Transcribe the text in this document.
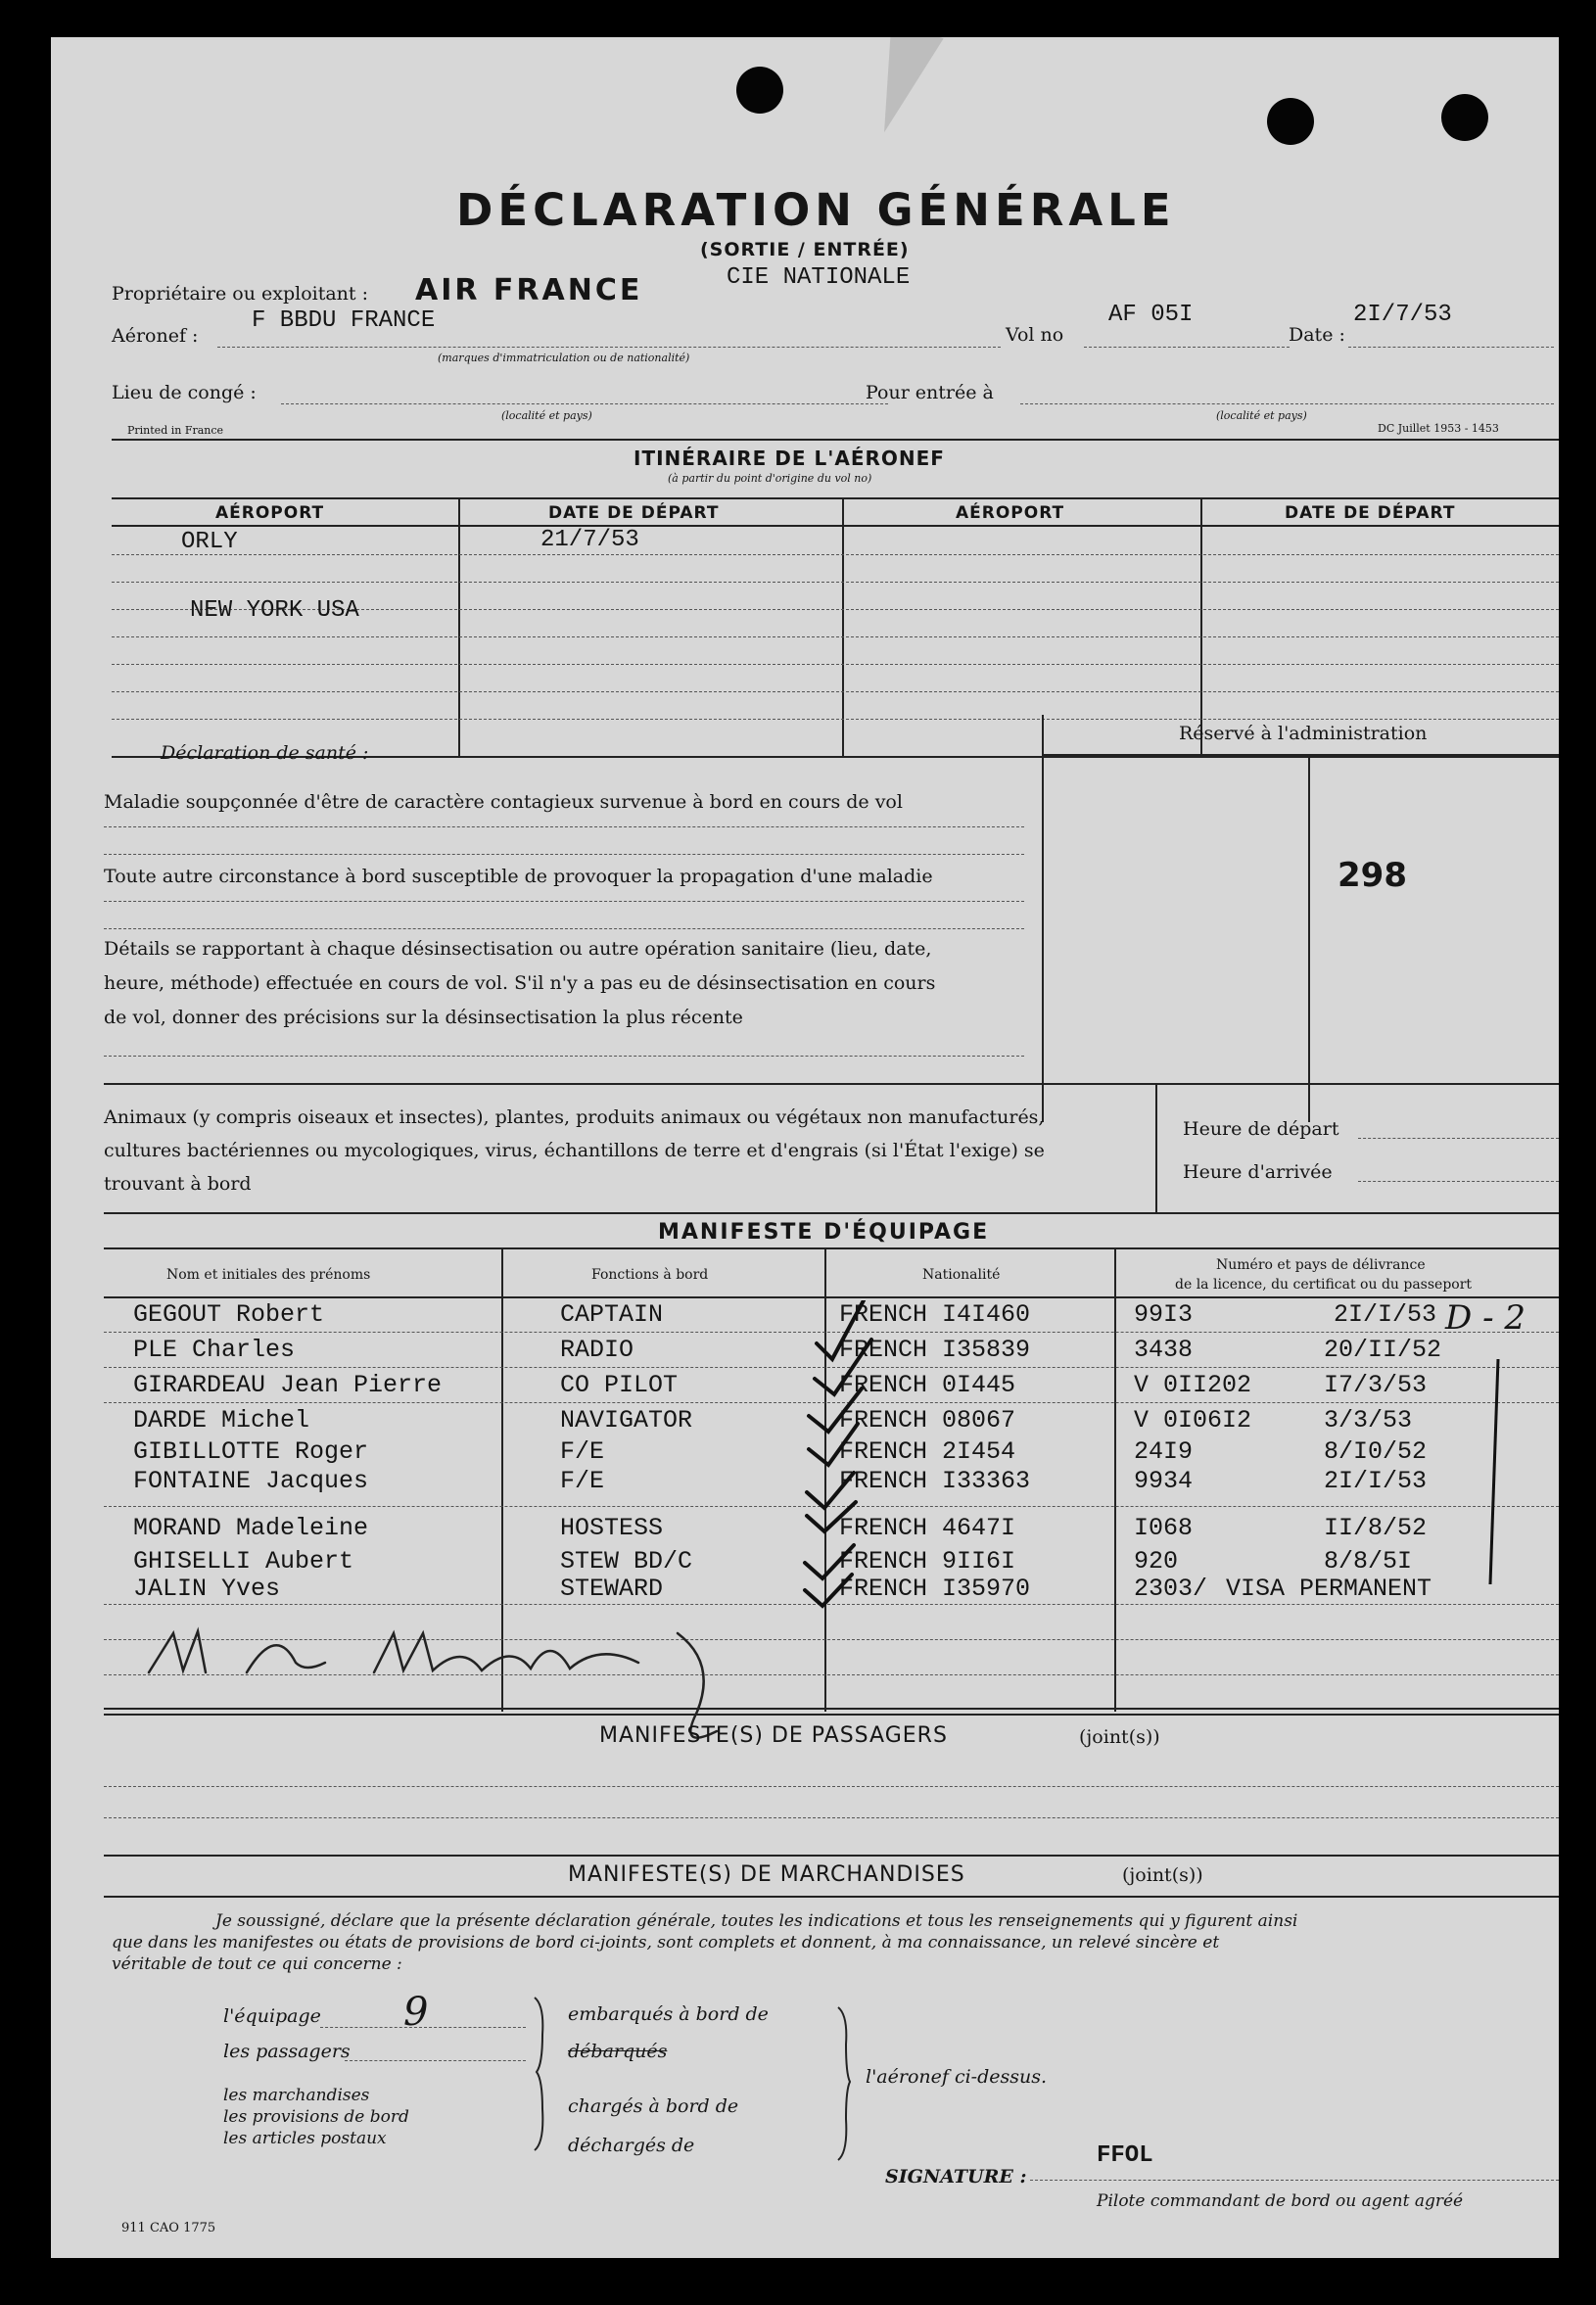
DÉCLARATION GÉNÉRALE
(SORTIE / ENTRÉE)
Propriétaire ou exploitant : AIR FRANCE	CIE NATIONALE
Aéronef :
F BBDU FRANCE
(marques d'immatriculation ou de nationalité)
Vol no
AF 05I
Date :
2I/7/53
Lieu de congé :
(localité et pays)
Pour entrée à
(localité et pays)
Printed in France	DC Juillet 1953 - 1453
ITINÉRAIRE DE L'AÉRONEF
(à partir du point d'origine du vol no)
AÉROPORT	DATE DE DÉPART	AÉROPORT	DATE DE DÉPART
ORLY	21/7/53
NEW YORK USA
Réservé à l'administration
298
Déclaration de santé :
Maladie soupçonnée d'être de caractère contagieux survenue à bord en cours de vol
Toute autre circonstance à bord susceptible de provoquer la propagation d'une maladie
Détails se rapportant à chaque désinsectisation ou autre opération sanitaire (lieu, date,
heure, méthode) effectuée en cours de vol. S'il n'y a pas eu de désinsectisation en cours
de vol, donner des précisions sur la désinsectisation la plus récente
Animaux (y compris oiseaux et insectes), plantes, produits animaux ou végétaux non manufacturés,
cultures bactériennes ou mycologiques, virus, échantillons de terre et d'engrais (si l'État l'exige) se
trouvant à bord
Heure de départ
Heure d'arrivée
MANIFESTE D'ÉQUIPAGE
Nom et initiales des prénoms	Fonctions à bord	Nationalité
Numéro et pays de délivrance
de la licence, du certificat ou du passeport
GEGOUT Robert	CAPTAIN	FRENCH I4I460	99I3	2I/I/53
PLE Charles	RADIO	FRENCH I35839	3438	20/II/52
GIRARDEAU Jean Pierre	CO PILOT	FRENCH 0I445	V 0II202	I7/3/53
DARDE Michel	NAVIGATOR	FRENCH 08067	V 0I06I2	3/3/53
GIBILLOTTE Roger	F/E	FRENCH 2I454	24I9	8/I0/52
FONTAINE Jacques	F/E	FRENCH I33363	9934	2I/I/53
MORAND Madeleine	HOSTESS	FRENCH 4647I	I068	II/8/52
GHISELLI Aubert	STEW BD/C	FRENCH 9II6I	920	8/8/5I
JALIN Yves	STEWARD	FRENCH I35970	2303/ VISA PERMANENT
D - 2
MANIFESTE(S) DE PASSAGERS	(joint(s))
MANIFESTE(S) DE MARCHANDISES	(joint(s))
Je soussigné, déclare que la présente déclaration générale, toutes les indications et tous les renseignements qui y figurent ainsi
que dans les manifestes ou états de provisions de bord ci-joints, sont complets et donnent, à ma connaissance, un relevé sincère et
véritable de tout ce qui concerne :
l'équipage 9
les passagers
les marchandises
les provisions de bord
les articles postaux
embarqués à bord de
débarqués
chargés à bord de
déchargés de
l'aéronef ci-dessus.
SIGNATURE :
FFOL
Pilote commandant de bord ou agent agréé
911 CAO 1775
